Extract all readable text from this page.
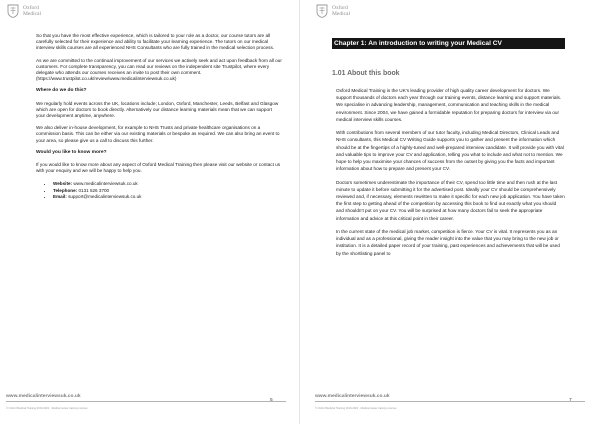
Oxford
Medical

So that you have the most effective experience, which is tailored to your role as a doctor, our course tutors are all carefully selected for their experience and ability to facilitate your learning experience. The tutors on our medical interview skills courses are all experienced NHS Consultants who are fully trained in the medical selection process.

As we are committed to the continual improvement of our services we actively seek and act upon feedback from all our customers. For complete transparency, you can read our reviews on the independent site Trustpilot, where every delegate who attends our courses receives an invite to post their own comment. (https://www.trustpilot.co.uk/review/www.medicalinterviewsuk.co.uk)

Where do we do this?

We regularly hold events across the UK, locations include; London, Oxford, Manchester, Leeds, Belfast and Glasgow which are open for doctors to book directly. Alternatively our distance learning materials mean that we can support your development anytime, anywhere.

We also deliver in-house development, for example to NHS Trusts and private healthcare organisations on a commission basis. This can be either via our existing materials or bespoke as required. We can also bring an event to your area, so please give us a call to discuss this further.

Would you like to know more?

If you would like to know more about any aspect of Oxford Medical Training then please visit our website or contact us with your enquiry and we will be happy to help you.

• Website: www.medicalinterviewsuk.co.uk
• Telephone: 0131 526 3700
• Email: support@medicalinterviewsuk.co.uk
www.medicalinterviewsuk.co.uk
© Oxford Medical Training 2019-2022 · Medical career training courses
5
Oxford
Medical
Chapter 1: An introduction to writing your Medical CV
1.01 About this book

Oxford Medical Training is the UK's leading provider of high quality career development for doctors. We support thousands of doctors each year through our training events, distance learning and support materials. We specialise in advancing leadership, management, communication and teaching skills in the medical environment. Since 2004, we have gained a formidable reputation for preparing doctors for interview via our medical interview skills courses.

With contributions from several members of our tutor faculty, including Medical Directors, Clinical Leads and NHS consultants, this Medical CV Writing Guide supports you to gather and present the information which should be at the fingertips of a highly-tuned and well-prepared interview candidate. It will provide you with vital and valuable tips to improve your CV and application, telling you what to include and what not to mention. We hope to help you maximise your chances of success from the outset by giving you the facts and important information about how to prepare and present your CV.

Doctors sometimes underestimate the importance of their CV, spend too little time and then rush at the last minute to update it before submitting it for the advertised post. Ideally your CV should be comprehensively reviewed and, if necessary, elements rewritten to make it specific for each new job application. You have taken the first step to getting ahead of the competition by accessing this book to find out exactly what you should and shouldn't put on your CV. You will be surprised at how many doctors fail to seek the appropriate information and advice at this critical point in their career.

In the current state of the medical job market, competition is fierce. Your CV is vital. It represents you as an individual and as a professional, giving the reader insight into the value that you may bring to the new job or institution. It is a detailed paper record of your training, past experiences and achievements that will be used by the shortlisting panel to

www.medicalinterviewsuk.co.uk
© Oxford Medical Training 2019-2022 · Medical career training courses
7
